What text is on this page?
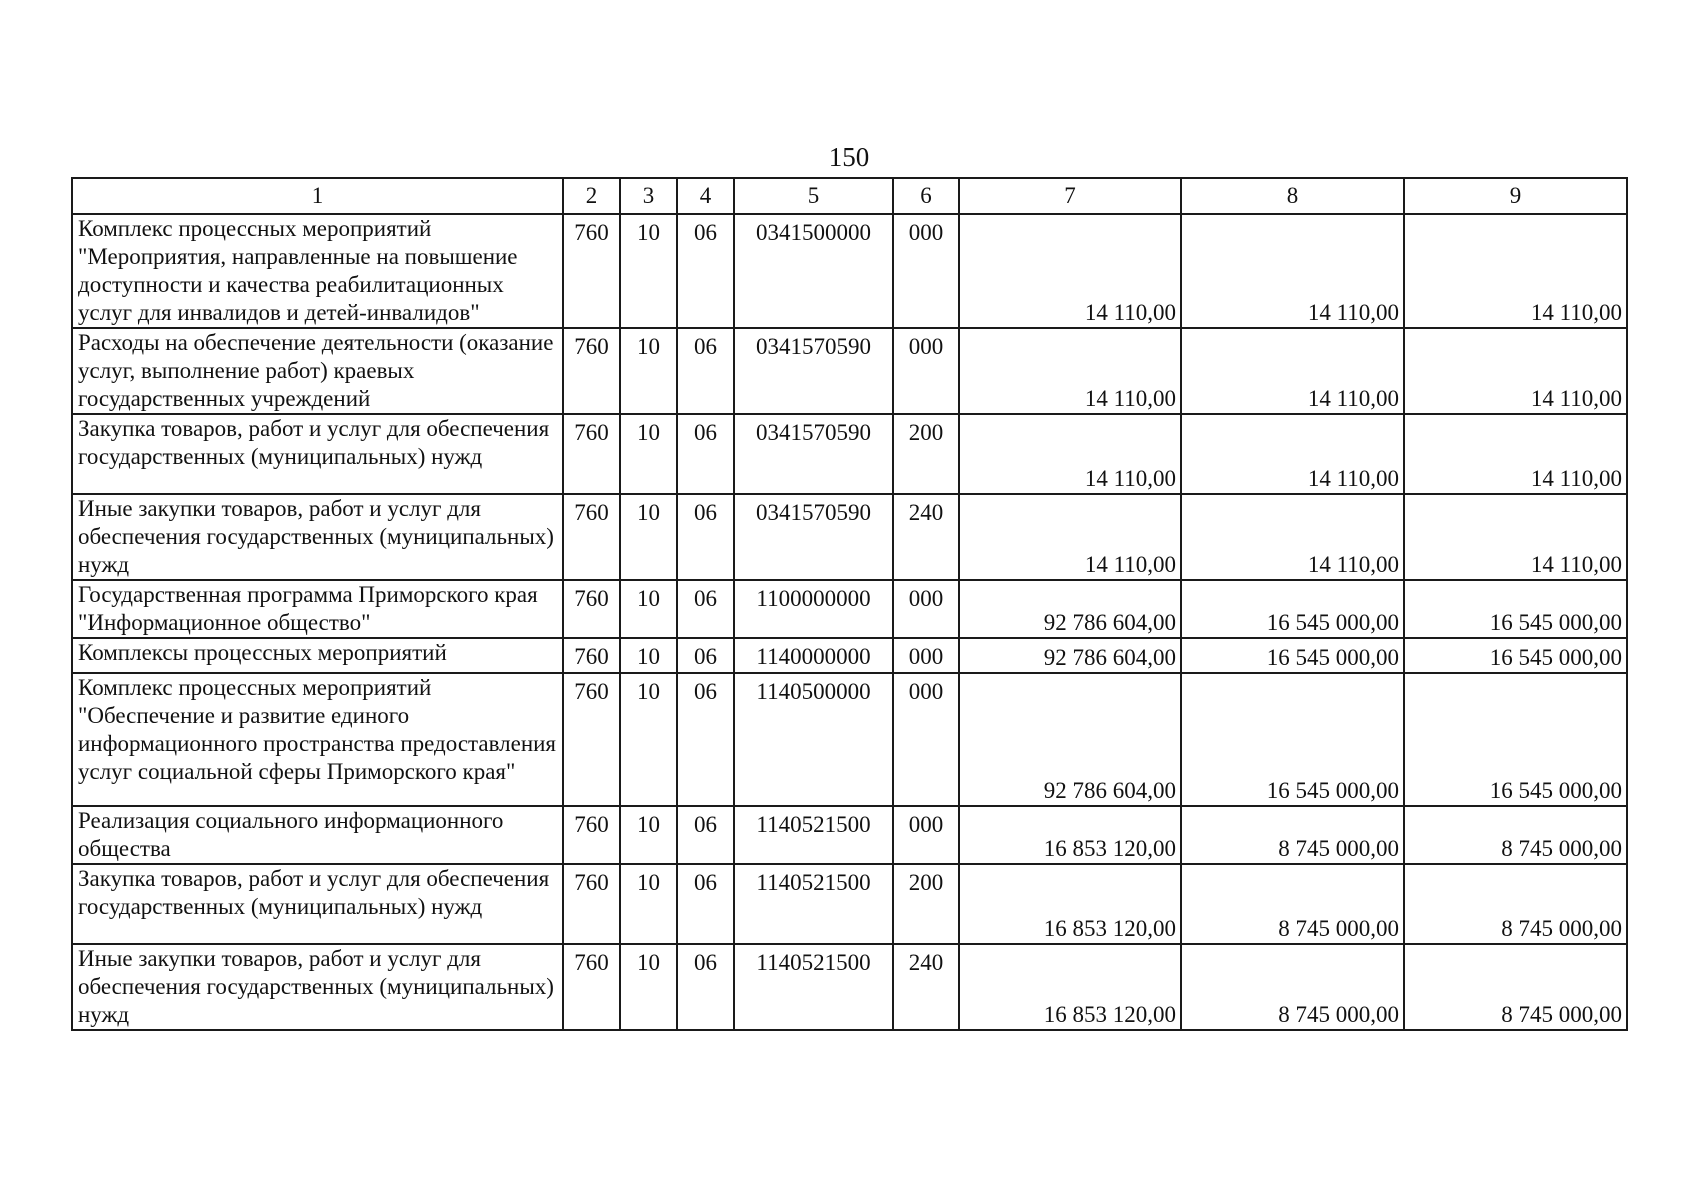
150
1	2	3	4	5	6	7	8	9
Комплекс процессных мероприятий "Мероприятия, направленные на повышение доступности и качества реабилитационных услуг для инвалидов и детей-инвалидов"	760	10	06	0341500000	000	14 110,00	14 110,00	14 110,00
Расходы на обеспечение деятельности (оказание услуг, выполнение работ) краевых государственных учреждений	760	10	06	0341570590	000	14 110,00	14 110,00	14 110,00
Закупка товаров, работ и услуг для обеспечения государственных (муниципальных) нужд	760	10	06	0341570590	200	14 110,00	14 110,00	14 110,00
Иные закупки товаров, работ и услуг для обеспечения государственных (муниципальных) нужд	760	10	06	0341570590	240	14 110,00	14 110,00	14 110,00
Государственная программа Приморского края "Информационное общество"	760	10	06	1100000000	000	92 786 604,00	16 545 000,00	16 545 000,00
Комплексы процессных мероприятий	760	10	06	1140000000	000	92 786 604,00	16 545 000,00	16 545 000,00
Комплекс процессных мероприятий "Обеспечение и развитие единого информационного пространства предоставления услуг социальной сферы Приморского края"	760	10	06	1140500000	000	92 786 604,00	16 545 000,00	16 545 000,00
Реализация социального информационного общества	760	10	06	1140521500	000	16 853 120,00	8 745 000,00	8 745 000,00
Закупка товаров, работ и услуг для обеспечения государственных (муниципальных) нужд	760	10	06	1140521500	200	16 853 120,00	8 745 000,00	8 745 000,00
Иные закупки товаров, работ и услуг для обеспечения государственных (муниципальных) нужд	760	10	06	1140521500	240	16 853 120,00	8 745 000,00	8 745 000,00
